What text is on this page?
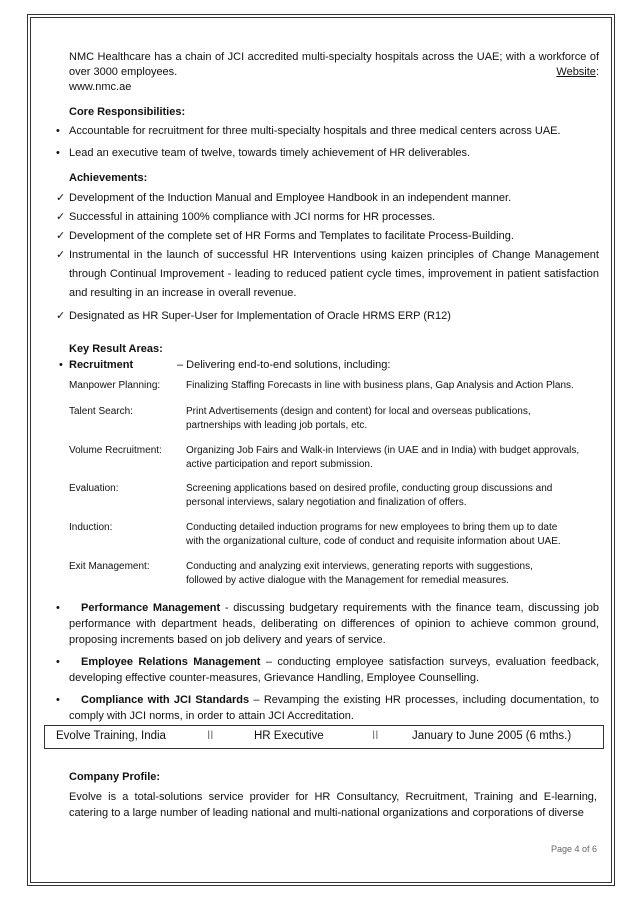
NMC Healthcare has a chain of JCI accredited multi-specialty hospitals across the UAE; with a workforce of over 3000 employees.	Website:
www.nmc.ae
Core Responsibilities:
• Accountable for recruitment for three multi-specialty hospitals and three medical centers across UAE.
• Lead an executive team of twelve, towards timely achievement of HR deliverables.
Achievements:
✓ Development of the Induction Manual and Employee Handbook in an independent manner.
✓ Successful in attaining 100% compliance with JCI norms for HR processes.
✓ Development of the complete set of HR Forms and Templates to facilitate Process-Building.
✓ Instrumental in the launch of successful HR Interventions using kaizen principles of Change Management through Continual Improvement - leading to reduced patient cycle times, improvement in patient satisfaction and resulting in an increase in overall revenue.
✓ Designated as HR Super-User for Implementation of Oracle HRMS ERP (R12)
Key Result Areas:
• Recruitment	– Delivering end-to-end solutions, including:
Manpower Planning:	Finalizing Staffing Forecasts in line with business plans, Gap Analysis and Action Plans.
Talent Search:	Print Advertisements (design and content) for local and overseas publications,
partnerships with leading job portals, etc.
Volume Recruitment:	Organizing Job Fairs and Walk-in Interviews (in UAE and in India) with budget approvals,
active participation and report submission.
Evaluation:	Screening applications based on desired profile, conducting group discussions and
personal interviews, salary negotiation and finalization of offers.
Induction:	Conducting detailed induction programs for new employees to bring them up to date
with the organizational culture, code of conduct and requisite information about UAE.
Exit Management:	Conducting and analyzing exit interviews, generating reports with suggestions,
followed by active dialogue with the Management for remedial measures.
• Performance Management - discussing budgetary requirements with the finance team, discussing job performance with department heads, deliberating on differences of opinion to achieve common ground, proposing increments based on job delivery and years of service.
• Employee Relations Management – conducting employee satisfaction surveys, evaluation feedback, developing effective counter-measures, Grievance Handling, Employee Counselling.
• Compliance with JCI Standards – Revamping the existing HR processes, including documentation, to comply with JCI norms, in order to attain JCI Accreditation.
Evolve Training, India	II	HR Executive	II	January to June 2005 (6 mths.)
Company Profile:
Evolve is a total-solutions service provider for HR Consultancy, Recruitment, Training and E-learning, catering to a large number of leading national and multi-national organizations and corporations of diverse
Page 4 of 6
